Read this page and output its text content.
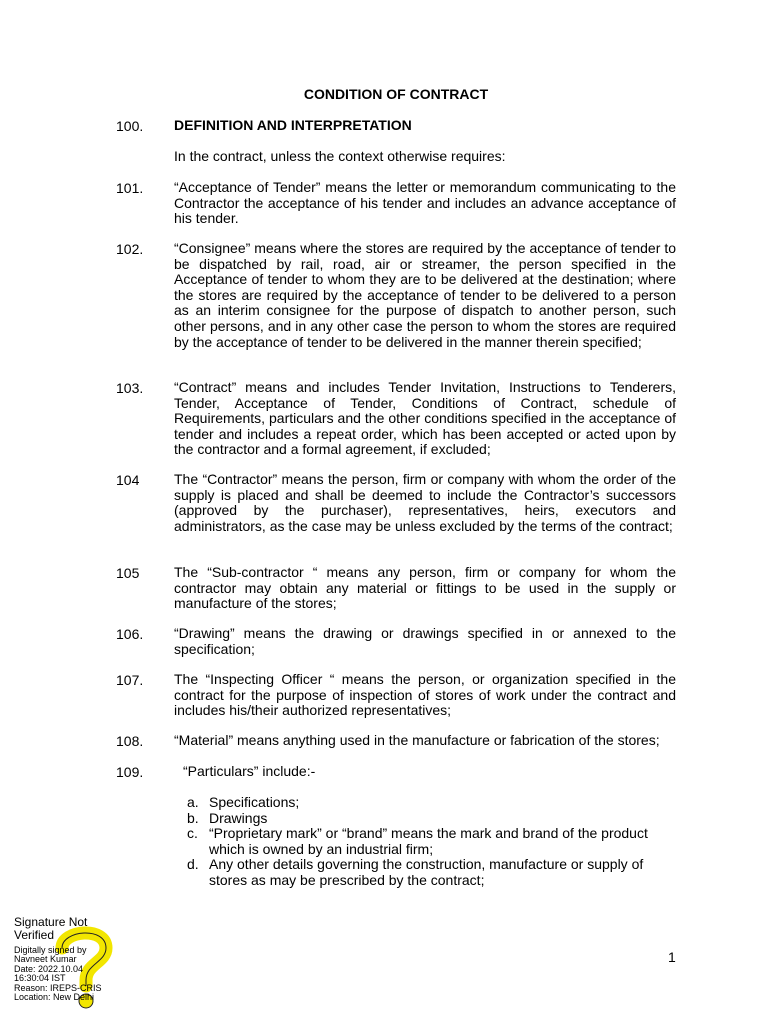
CONDITION OF CONTRACT
100. DEFINITION AND INTERPRETATION
In the contract, unless the context otherwise requires:
101. “Acceptance of Tender” means the letter or memorandum communicating to the Contractor the acceptance of his tender and includes an advance acceptance of his tender.
102. “Consignee” means where the stores are required by the acceptance of tender to be dispatched by rail, road, air or streamer, the person specified in the Acceptance of tender to whom they are to be delivered at the destination; where the stores are required by the acceptance of tender to be delivered to a person as an interim consignee for the purpose of dispatch to another person, such other persons, and in any other case the person to whom the stores are required by the acceptance of tender to be delivered in the manner therein specified;
103. “Contract” means and includes Tender Invitation, Instructions to Tenderers, Tender, Acceptance of Tender, Conditions of Contract, schedule of Requirements, particulars and the other conditions specified in the acceptance of tender and includes a repeat order, which has been accepted or acted upon by the contractor and a formal agreement, if excluded;
104 The “Contractor” means the person, firm or company with whom the order of the supply is placed and shall be deemed to include the Contractor’s successors (approved by the purchaser), representatives, heirs, executors and administrators, as the case may be unless excluded by the terms of the contract;
105 The “Sub-contractor “ means any person, firm or company for whom the contractor may obtain any material or fittings to be used in the supply or manufacture of the stores;
106. “Drawing” means the drawing or drawings specified in or annexed to the specification;
107. The “Inspecting Officer “ means the person, or organization specified in the contract for the purpose of inspection of stores of work under the contract and includes his/their authorized representatives;
108. “Material” means anything used in the manufacture or fabrication of the stores;
109.	“Particulars” include:-
a. Specifications;
b. Drawings
c. “Proprietary mark” or “brand” means the mark and brand of the product which is owned by an industrial firm;
d. Any other details governing the construction, manufacture or supply of stores as may be prescribed by the contract;
1
Signature Not
Verified
Digitally signed by
Navneet Kumar
Date: 2022.10.04
16:30:04 IST
Reason: IREPS-CRIS
Location: New Delhi
